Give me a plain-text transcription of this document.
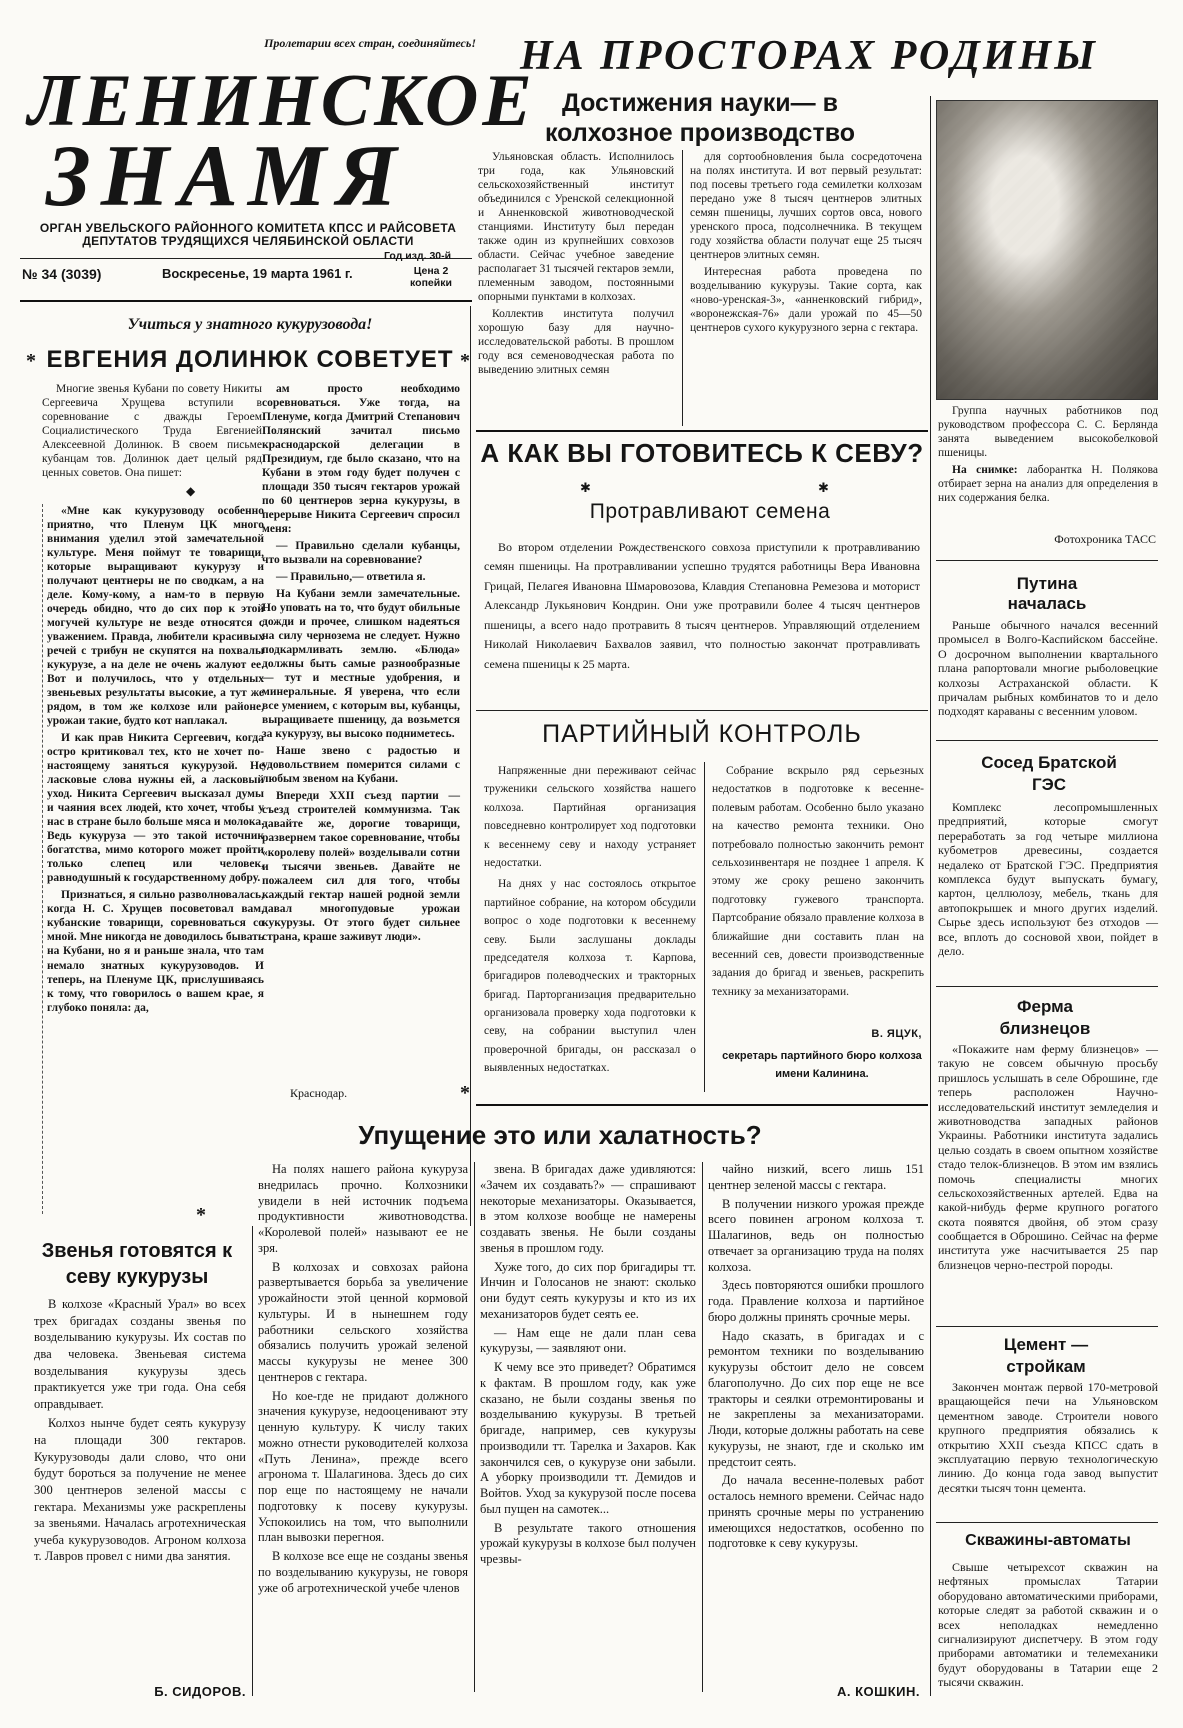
Пролетарии всех стран, соединяйтесь!
ЛЕНИНСКОЕ
ЗНАМЯ
ОРГАН УВЕЛЬСКОГО РАЙОННОГО КОМИТЕТА КПСС И РАЙСОВЕТА ДЕПУТАТОВ ТРУДЯЩИХСЯ ЧЕЛЯБИНСКОЙ ОБЛАСТИ
№ 34 (3039)	Воскресенье, 19 марта 1961 г.
Год изд. 30-й
Цена 2 копейки
НА ПРОСТОРАХ РОДИНЫ
Достижения науки— в колхозное производство

Ульяновская область. Исполнилось три года, как Ульяновский сельскохозяйственный институт объединился с Уренской селекционной и Анненковской животноводческой станциями. Институту был передан также один из крупнейших совхозов области. Сейчас учебное заведение располагает 31 тысячей гектаров земли, племенным заводом, постоянными опорными пунктами в колхозах.

Коллектив института получил хорошую базу для научно-исследовательской работы. В прошлом году вся семеноводческая работа по выведению элитных семян

для сортообновления была сосредоточена на полях института. И вот первый результат: под посевы третьего года семилетки колхозам передано уже 8 тысяч центнеров элитных семян пшеницы, лучших сортов овса, нового уренского проса, подсолнечника. В текущем году хозяйства области получат еще 25 тысяч центнеров элитных семян.

Интересная работа проведена по возделыванию кукурузы. Такие сорта, как «ново-уренская-3», «анненковский гибрид», «воронежская-76» дали урожай по 45—50 центнеров сухого кукурузного зерна с гектара.

Группа научных работников под руководством профессора С. С. Берлянда занята выведением высокобелковой пшеницы.

На снимке: лаборантка Н. Полякова отбирает зерна на анализ для определения в них содержания белка.

Фотохроника ТАСС
Учиться у знатного кукурузовода!
ЕВГЕНИЯ ДОЛИНЮК СОВЕТУЕТ
*	*

Многие звенья Кубани по совету Никиты Сергеевича Хрущева вступили в соревнование с дважды Героем Социалистического Труда Евгенией Алексеевной Долинюк. В своем письме кубанцам тов. Долинюк дает целый ряд ценных советов. Она пишет:

◆

«Мне как кукурузоводу особенно приятно, что Пленум ЦК много внимания уделил этой замечательной культуре. Меня поймут те товарищи, которые выращивают кукурузу и получают центнеры не по сводкам, а на деле. Кому-кому, а нам-то в первую очередь обидно, что до сих пор к этой могучей культуре не везде относятся с уважением. Правда, любители красивых речей с трибун не скупятся на похвалы кукурузе, а на деле не очень жалуют ее. Вот и получилось, что у отдельных звеньевых результаты высокие, а тут же рядом, в том же колхозе или районе, урожаи такие, будто кот наплакал.

И как прав Никита Сергеевич, когда остро критиковал тех, кто не хочет по-настоящему заняться кукурузой. Не ласковые слова нужны ей, а ласковый уход. Никита Сергеевич высказал думы и чаяния всех людей, кто хочет, чтобы у нас в стране было больше мяса и молока. Ведь кукуруза — это такой источник богатства, мимо которого может пройти только слепец или человек, равнодушный к государственному добру.

Признаться, я сильно разволновалась, когда Н. С. Хрущев посоветовал вам, кубанские товарищи, соревноваться со мной. Мне никогда не доводилось бывать на Кубани, но я и раньше знала, что там немало знатных кукурузоводов. И теперь, на Пленуме ЦК, прислушиваясь к тому, что говорилось о вашем крае, я глубоко поняла: да,

ам просто необходимо соревноваться. Уже тогда, на Пленуме, когда Дмитрий Степанович Полянский зачитал письмо краснодарской делегации в Президиум, где было сказано, что на Кубани в этом году будет получен с площади 350 тысяч гектаров урожай по 60 центнеров зерна кукурузы, в перерыве Никита Сергеевич спросил меня:

— Правильно сделали кубанцы, что вызвали на соревнование?

— Правильно,— ответила я.

На Кубани земли замечательные. Но уповать на то, что будут обильные дожди и прочее, слишком надеяться на силу чернозема не следует. Нужно подкармливать землю. «Блюда» должны быть самые разнообразные — тут и местные удобрения, и минеральные. Я уверена, что если все умением, с которым вы, кубанцы, выращиваете пшеницу, да возьмется за кукурузу, вы высоко подниметесь.

Наше звено с радостью и удовольствием померится силами с любым звеном на Кубани.

Впереди XXII съезд партии — съезд строителей коммунизма. Так давайте же, дорогие товарищи, развернем такое соревнование, чтобы «королеву полей» возделывали сотни и тысячи звеньев. Давайте не пожалеем сил для того, чтобы каждый гектар нашей родной земли давал многопудовые урожаи кукурузы. От этого будет сильнее страна, краше заживут люди».

Краснодар.	*
*
А КАК ВЫ ГОТОВИТЕСЬ К СЕВУ?
✱	✱
Протравливают семена

Во втором отделении Рождественского совхоза приступили к протравливанию семян пшеницы. На протравливании успешно трудятся работницы Вера Ивановна Грицай, Пелагея Ивановна Шмаровозова, Клавдия Степановна Ремезова и моторист Александр Лукьянович Кондрин. Они уже протравили более 4 тысяч центнеров пшеницы, а всего надо протравить 8 тысяч центнеров. Управляющий отделением Николай Николаевич Бахвалов заявил, что полностью закончат протравливать семена пшеницы к 25 марта.

ПАРТИЙНЫЙ КОНТРОЛЬ

Напряженные дни переживают сейчас труженики сельского хозяйства нашего колхоза. Партийная организация повседневно контролирует ход подготовки к весеннему севу и находу устраняет недостатки.

На днях у нас состоялось открытое партийное собрание, на котором обсудили вопрос о ходе подготовки к весеннему севу. Были заслушаны доклады председателя колхоза т. Карпова, бригадиров полеводческих и тракторных бригад. Парторганизация предварительно организовала проверку хода подготовки к севу, на собрании выступил член проверочной бригады, он рассказал о выявленных недостатках.

Собрание вскрыло ряд серьезных недостатков в подготовке к весенне-полевым работам. Особенно было указано на качество ремонта техники. Оно потребовало полностью закончить ремонт сельхозинвентаря не позднее 1 апреля. К этому же сроку решено закончить подготовку гужевого транспорта. Партсобрание обязало правление колхоза в ближайшие дни составить план на весенний сев, довести производственные задания до бригад и звеньев, раскрепить технику за механизаторами.

В. ЯЦУК,
секретарь партийного бюро колхоза имени Калинина.
Упущение это или халатность?

На полях нашего района кукуруза внедрилась прочно. Колхозники увидели в ней источник подъема продуктивности животноводства. «Королевой полей» называют ее не зря.

В колхозах и совхозах района развертывается борьба за увеличение урожайности этой ценной кормовой культуры. И в нынешнем году работники сельского хозяйства обязались получить урожай зеленой массы кукурузы не менее 300 центнеров с гектара.

Но кое-где не придают должного значения кукурузе, недооценивают эту ценную культуру. К числу таких можно отнести руководителей колхоза «Путь Ленина», прежде всего агронома т. Шалагинова. Здесь до сих пор еще по настоящему не начали подготовку к посеву кукурузы. Успокоились на том, что выполнили план вывозки перегноя.

В колхозе все еще не созданы звенья по возделыванию кукурузы, не говоря уже об агротехнической учебе членов

звена. В бригадах даже удивляются: «Зачем их создавать?» — спрашивают некоторые механизаторы. Оказывается, в этом колхозе вообще не намерены создавать звенья. Не были созданы звенья в прошлом году.

Хуже того, до сих пор бригадиры тт. Инчин и Голосанов не знают: сколько они будут сеять кукурузы и кто из их механизаторов будет сеять ее.

— Нам еще не дали план сева кукурузы, — заявляют они.

К чему все это приведет? Обратимся к фактам. В прошлом году, как уже сказано, не были созданы звенья по возделыванию кукурузы. В третьей бригаде, например, сев кукурузы производили тт. Тарелка и Захаров. Как закончился сев, о кукурузе они забыли. А уборку производили тт. Демидов и Войтов. Уход за кукурузой после посева был пущен на самотек...

В результате такого отношения урожай кукурузы в колхозе был получен чрезвы-

чайно низкий, всего лишь 151 центнер зеленой массы с гектара.

В получении низкого урожая прежде всего повинен агроном колхоза т. Шалагинов, ведь он полностью отвечает за организацию труда на полях колхоза.

Здесь повторяются ошибки прошлого года. Правление колхоза и партийное бюро должны принять срочные меры.

Надо сказать, в бригадах и с ремонтом техники по возделыванию кукурузы обстоит дело не совсем благополучно. До сих пор еще не все тракторы и сеялки отремонтированы и не закреплены за механизаторами. Люди, которые должны работать на севе кукурузы, не знают, где и сколько им предстоит сеять.

До начала весенне-полевых работ осталось немного времени. Сейчас надо принять срочные меры по устранению имеющихся недостатков, особенно по подготовке к севу кукурузы.

А. КОШКИН.
Звенья готовятся к севу кукурузы

В колхозе «Красный Урал» во всех трех бригадах созданы звенья по возделыванию кукурузы. Их состав по два человека. Звеньевая система возделывания кукурузы здесь практикуется уже три года. Она себя оправдывает.

Колхоз нынче будет сеять кукурузу на площади 300 гектаров. Кукурузоводы дали слово, что они будут бороться за получение не менее 300 центнеров зеленой массы с гектара. Механизмы уже раскреплены за звеньями. Началась агротехническая учеба кукурузоводов. Агроном колхоза т. Лавров провел с ними два занятия.

Б. СИДОРОВ.
Путина началась

Раньше обычного начался весенний промысел в Волго-Каспийском бассейне. О досрочном выполнении квартального плана рапортовали многие рыболовецкие колхозы Астраханской области. К причалам рыбных комбинатов то и дело подходят караваны с весенним уловом.

Сосед Братской ГЭС

Комплекс лесопромышленных предприятий, которые смогут переработать за год четыре миллиона кубометров древесины, создается недалеко от Братской ГЭС. Предприятия комплекса будут выпускать бумагу, картон, целлюлозу, мебель, ткань для автопокрышек и много других изделий. Сырье здесь используют без отходов — все, вплоть до сосновой хвои, пойдет в дело.

Ферма близнецов

«Покажите нам ферму близнецов» — такую не совсем обычную просьбу пришлось услышать в селе Оброшине, где теперь расположен Научно-исследовательский институт земледелия и животноводства западных районов Украины. Работники института задались целью создать в своем опытном хозяйстве стадо телок-близнецов. В этом им взялись помочь специалисты многих сельскохозяйственных артелей. Едва на какой-нибудь ферме крупного рогатого скота появятся двойня, об этом сразу сообщается в Оброшино. Сейчас на ферме института уже насчитывается 25 пар близнецов черно-пестрой породы.

Цемент —стройкам

Закончен монтаж первой 170-метровой вращающейся печи на Ульяновском цементном заводе. Строители нового крупного предприятия обязались к открытию XXII съезда КПСС сдать в эксплуатацию первую технологическую линию. До конца года завод выпустит десятки тысяч тонн цемента.

Скважины-автоматы

Свыше четырехсот скважин на нефтяных промыслах Татарии оборудовано автоматическими приборами, которые следят за работой скважин и о всех неполадках немедленно сигнализируют диспетчеру. В этом году приборами автоматики и телемеханики будут оборудованы в Татарии еще 2 тысячи скважин.
